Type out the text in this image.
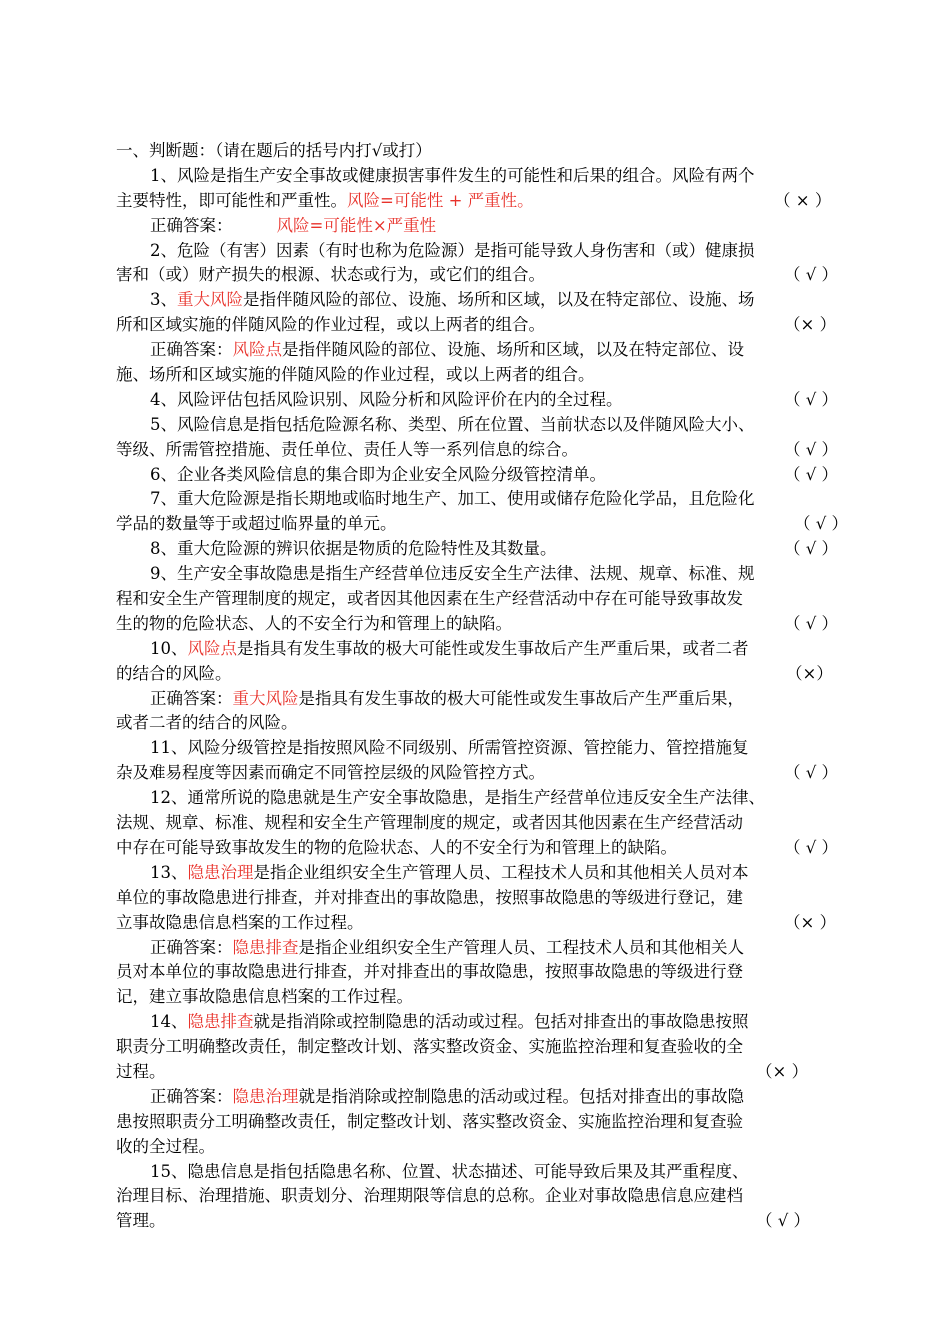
一、判断题：（请在题后的括号内打√或打）
1、风险是指生产安全事故或健康损害事件发生的可能性和后果的组合。风险有两个
主要特性，即可能性和严重性。风险=可能性 + 严重性。	（ × ）
正确答案：	风险=可能性×严重性
2、危险（有害）因素（有时也称为危险源）是指可能导致人身伤害和（或）健康损
害和（或）财产损失的根源、状态或行为，或它们的组合。	（ √ ）
3、重大风险是指伴随风险的部位、设施、场所和区域，以及在特定部位、设施、场
所和区域实施的伴随风险的作业过程，或以上两者的组合。	（× ）
正确答案：风险点是指伴随风险的部位、设施、场所和区域，以及在特定部位、设
施、场所和区域实施的伴随风险的作业过程，或以上两者的组合。
4、风险评估包括风险识别、风险分析和风险评价在内的全过程。	（ √ ）
5、风险信息是指包括危险源名称、类型、所在位置、当前状态以及伴随风险大小、
等级、所需管控措施、责任单位、责任人等一系列信息的综合。	（ √ ）
6、企业各类风险信息的集合即为企业安全风险分级管控清单。	（ √ ）
7、重大危险源是指长期地或临时地生产、加工、使用或储存危险化学品，且危险化
学品的数量等于或超过临界量的单元。	（ √ ）
8、重大危险源的辨识依据是物质的危险特性及其数量。	（ √ ）
9、生产安全事故隐患是指生产经营单位违反安全生产法律、法规、规章、标准、规
程和安全生产管理制度的规定，或者因其他因素在生产经营活动中存在可能导致事故发
生的物的危险状态、人的不安全行为和管理上的缺陷。	（ √ ）
10、风险点是指具有发生事故的极大可能性或发生事故后产生严重后果，或者二者
的结合的风险。	（×）
正确答案：重大风险是指具有发生事故的极大可能性或发生事故后产生严重后果，
或者二者的结合的风险。
11、风险分级管控是指按照风险不同级别、所需管控资源、管控能力、管控措施复
杂及难易程度等因素而确定不同管控层级的风险管控方式。	（ √ ）
12、通常所说的隐患就是生产安全事故隐患，是指生产经营单位违反安全生产法律、
法规、规章、标准、规程和安全生产管理制度的规定，或者因其他因素在生产经营活动
中存在可能导致事故发生的物的危险状态、人的不安全行为和管理上的缺陷。	（ √ ）
13、隐患治理是指企业组织安全生产管理人员、工程技术人员和其他相关人员对本
单位的事故隐患进行排查，并对排查出的事故隐患，按照事故隐患的等级进行登记，建
立事故隐患信息档案的工作过程。	（× ）
正确答案：隐患排查是指企业组织安全生产管理人员、工程技术人员和其他相关人
员对本单位的事故隐患进行排查，并对排查出的事故隐患，按照事故隐患的等级进行登
记，建立事故隐患信息档案的工作过程。
14、隐患排查就是指消除或控制隐患的活动或过程。包括对排查出的事故隐患按照
职责分工明确整改责任，制定整改计划、落实整改资金、实施监控治理和复查验收的全
过程。	（× ）
正确答案：隐患治理就是指消除或控制隐患的活动或过程。包括对排查出的事故隐
患按照职责分工明确整改责任，制定整改计划、落实整改资金、实施监控治理和复查验
收的全过程。
15、隐患信息是指包括隐患名称、位置、状态描述、可能导致后果及其严重程度、
治理目标、治理措施、职责划分、治理期限等信息的总称。企业对事故隐患信息应建档
管理。	（ √ ）
